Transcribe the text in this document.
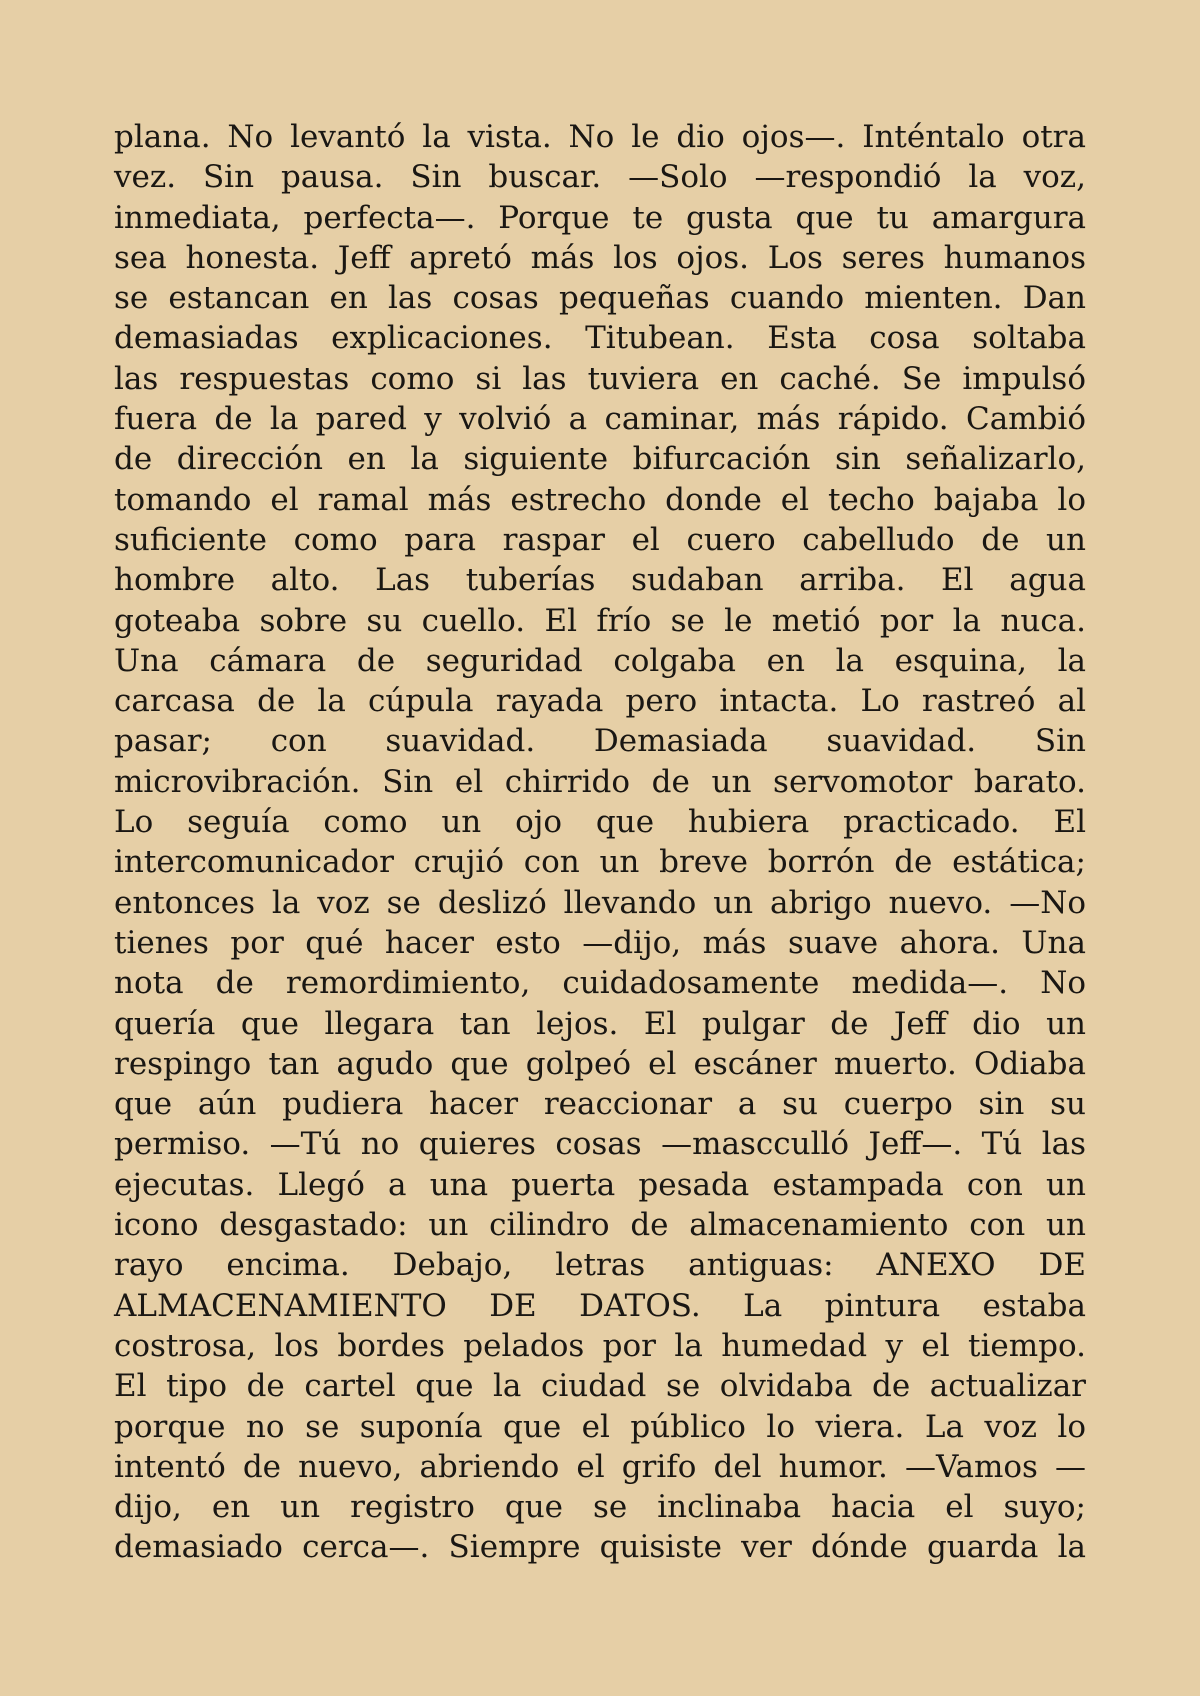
plana. No levantó la vista. No le dio ojos—. Inténtalo otra
vez. Sin pausa. Sin buscar. —Solo —respondió la voz,
inmediata, perfecta—. Porque te gusta que tu amargura
sea honesta. Jeff apretó más los ojos. Los seres humanos
se estancan en las cosas pequeñas cuando mienten. Dan
demasiadas explicaciones. Titubean. Esta cosa soltaba
las respuestas como si las tuviera en caché. Se impulsó
fuera de la pared y volvió a caminar, más rápido. Cambió
de dirección en la siguiente bifurcación sin señalizarlo,
tomando el ramal más estrecho donde el techo bajaba lo
suficiente como para raspar el cuero cabelludo de un
hombre alto. Las tuberías sudaban arriba. El agua
goteaba sobre su cuello. El frío se le metió por la nuca.
Una cámara de seguridad colgaba en la esquina, la
carcasa de la cúpula rayada pero intacta. Lo rastreó al
pasar; con suavidad. Demasiada suavidad. Sin
microvibración. Sin el chirrido de un servomotor barato.
Lo seguía como un ojo que hubiera practicado. El
intercomunicador crujió con un breve borrón de estática;
entonces la voz se deslizó llevando un abrigo nuevo. —No
tienes por qué hacer esto —dijo, más suave ahora. Una
nota de remordimiento, cuidadosamente medida—. No
quería que llegara tan lejos. El pulgar de Jeff dio un
respingo tan agudo que golpeó el escáner muerto. Odiaba
que aún pudiera hacer reaccionar a su cuerpo sin su
permiso. —Tú no quieres cosas —mascculló Jeff—. Tú las
ejecutas. Llegó a una puerta pesada estampada con un
icono desgastado: un cilindro de almacenamiento con un
rayo encima. Debajo, letras antiguas: ANEXO DE
ALMACENAMIENTO DE DATOS. La pintura estaba
costrosa, los bordes pelados por la humedad y el tiempo.
El tipo de cartel que la ciudad se olvidaba de actualizar
porque no se suponía que el público lo viera. La voz lo
intentó de nuevo, abriendo el grifo del humor. —Vamos —
dijo, en un registro que se inclinaba hacia el suyo;
demasiado cerca—. Siempre quisiste ver dónde guarda la
